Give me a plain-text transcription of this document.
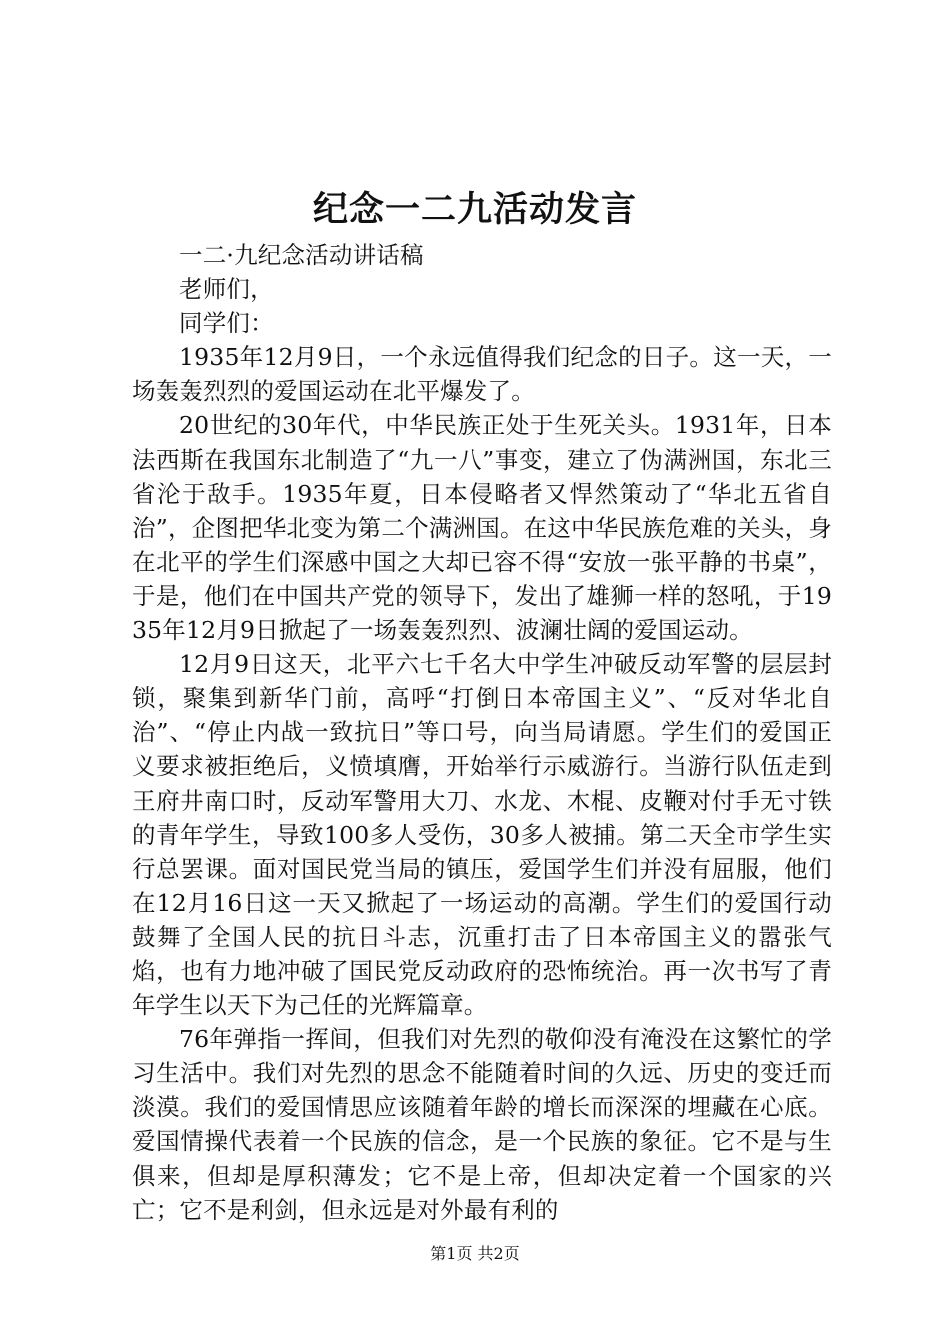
纪念一二九活动发言

一二·九纪念活动讲话稿

老师们，

同学们：

1935年12月9日，一个永远值得我们纪念的日子。这一天，一场轰轰烈烈的爱国运动在北平爆发了。

20世纪的30年代，中华民族正处于生死关头。1931年，日本法西斯在我国东北制造了“九一八”事变，建立了伪满洲国，东北三省沦于敌手。1935年夏，日本侵略者又悍然策动了“华北五省自治”，企图把华北变为第二个满洲国。在这中华民族危难的关头，身在北平的学生们深感中国之大却已容不得“安放一张平静的书桌”，于是，他们在中国共产党的领导下，发出了雄狮一样的怒吼，于1935年12月9日掀起了一场轰轰烈烈、波澜壮阔的爱国运动。

12月9日这天，北平六七千名大中学生冲破反动军警的层层封锁，聚集到新华门前，高呼“打倒日本帝国主义”、“反对华北自治”、“停止内战一致抗日”等口号，向当局请愿。学生们的爱国正义要求被拒绝后，义愤填膺，开始举行示威游行。当游行队伍走到王府井南口时，反动军警用大刀、水龙、木棍、皮鞭对付手无寸铁的青年学生，导致100多人受伤，30多人被捕。第二天全市学生实行总罢课。面对国民党当局的镇压，爱国学生们并没有屈服，他们在12月16日这一天又掀起了一场运动的高潮。学生们的爱国行动鼓舞了全国人民的抗日斗志，沉重打击了日本帝国主义的嚣张气焰，也有力地冲破了国民党反动政府的恐怖统治。再一次书写了青年学生以天下为己任的光辉篇章。

76年弹指一挥间，但我们对先烈的敬仰没有淹没在这繁忙的学习生活中。我们对先烈的思念不能随着时间的久远、历史的变迁而淡漠。我们的爱国情思应该随着年龄的增长而深深的埋藏在心底。爱国情操代表着一个民族的信念，是一个民族的象征。它不是与生俱来，但却是厚积薄发；它不是上帝，但却决定着一个国家的兴亡；它不是利剑，但永远是对外最有利的

第1页 共2页
